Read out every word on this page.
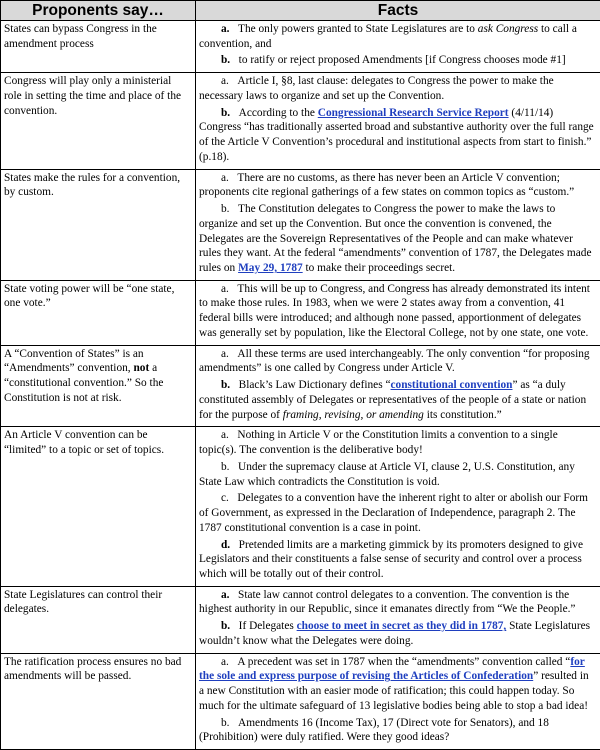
Proponents say…	Facts
States can bypass Congress in the amendment process	a. The only powers granted to State Legislatures are to ask Congress to call a convention, and
b. to ratify or reject proposed Amendments [if Congress chooses mode #1]

Congress will play only a ministerial role in setting the time and place of the convention.	a. Article I, §8, last clause: delegates to Congress the power to make the necessary laws to organize and set up the Convention.
b. According to the Congressional Research Service Report (4/11/14) Congress “has traditionally asserted broad and substantive authority over the full range of the Article V Convention’s procedural and institutional aspects from start to finish.” (p.18).

States make the rules for a convention, by custom.	a. There are no customs, as there has never been an Article V convention; proponents cite regional gatherings of a few states on common topics as “custom.”
b. The Constitution delegates to Congress the power to make the laws to organize and set up the Convention. But once the convention is convened, the Delegates are the Sovereign Representatives of the People and can make whatever rules they want. At the federal “amendments” convention of 1787, the Delegates made rules on May 29, 1787 to make their proceedings secret.

State voting power will be “one state, one vote.”	a. This will be up to Congress, and Congress has already demonstrated its intent to make those rules. In 1983, when we were 2 states away from a convention, 41 federal bills were introduced; and although none passed, apportionment of delegates was generally set by population, like the Electoral College, not by one state, one vote.

A “Convention of States” is an “Amendments” convention, not a “constitutional convention.” So the Constitution is not at risk.	a. All these terms are used interchangeably. The only convention “for proposing amendments” is one called by Congress under Article V.
b. Black’s Law Dictionary defines “constitutional convention” as “a duly constituted assembly of Delegates or representatives of the people of a state or nation for the purpose of framing, revising, or amending its constitution.”

An Article V convention can be “limited” to a topic or set of topics.	a. Nothing in Article V or the Constitution limits a convention to a single topic(s). The convention is the deliberative body!
b. Under the supremacy clause at Article VI, clause 2, U.S. Constitution, any State Law which contradicts the Constitution is void.
c. Delegates to a convention have the inherent right to alter or abolish our Form of Government, as expressed in the Declaration of Independence, paragraph 2. The 1787 constitutional convention is a case in point.
d. Pretended limits are a marketing gimmick by its promoters designed to give Legislators and their constituents a false sense of security and control over a process which will be totally out of their control.

State Legislatures can control their delegates.	a. State law cannot control delegates to a convention. The convention is the highest authority in our Republic, since it emanates directly from “We the People.”
b. If Delegates choose to meet in secret as they did in 1787, State Legislatures wouldn’t know what the Delegates were doing.

The ratification process ensures no bad amendments will be passed.	a. A precedent was set in 1787 when the “amendments” convention called “for the sole and express purpose of revising the Articles of Confederation” resulted in a new Constitution with an easier mode of ratification; this could happen today. So much for the ultimate safeguard of 13 legislative bodies being able to stop a bad idea!
b. Amendments 16 (Income Tax), 17 (Direct vote for Senators), and 18 (Prohibition) were duly ratified. Were they good ideas?
